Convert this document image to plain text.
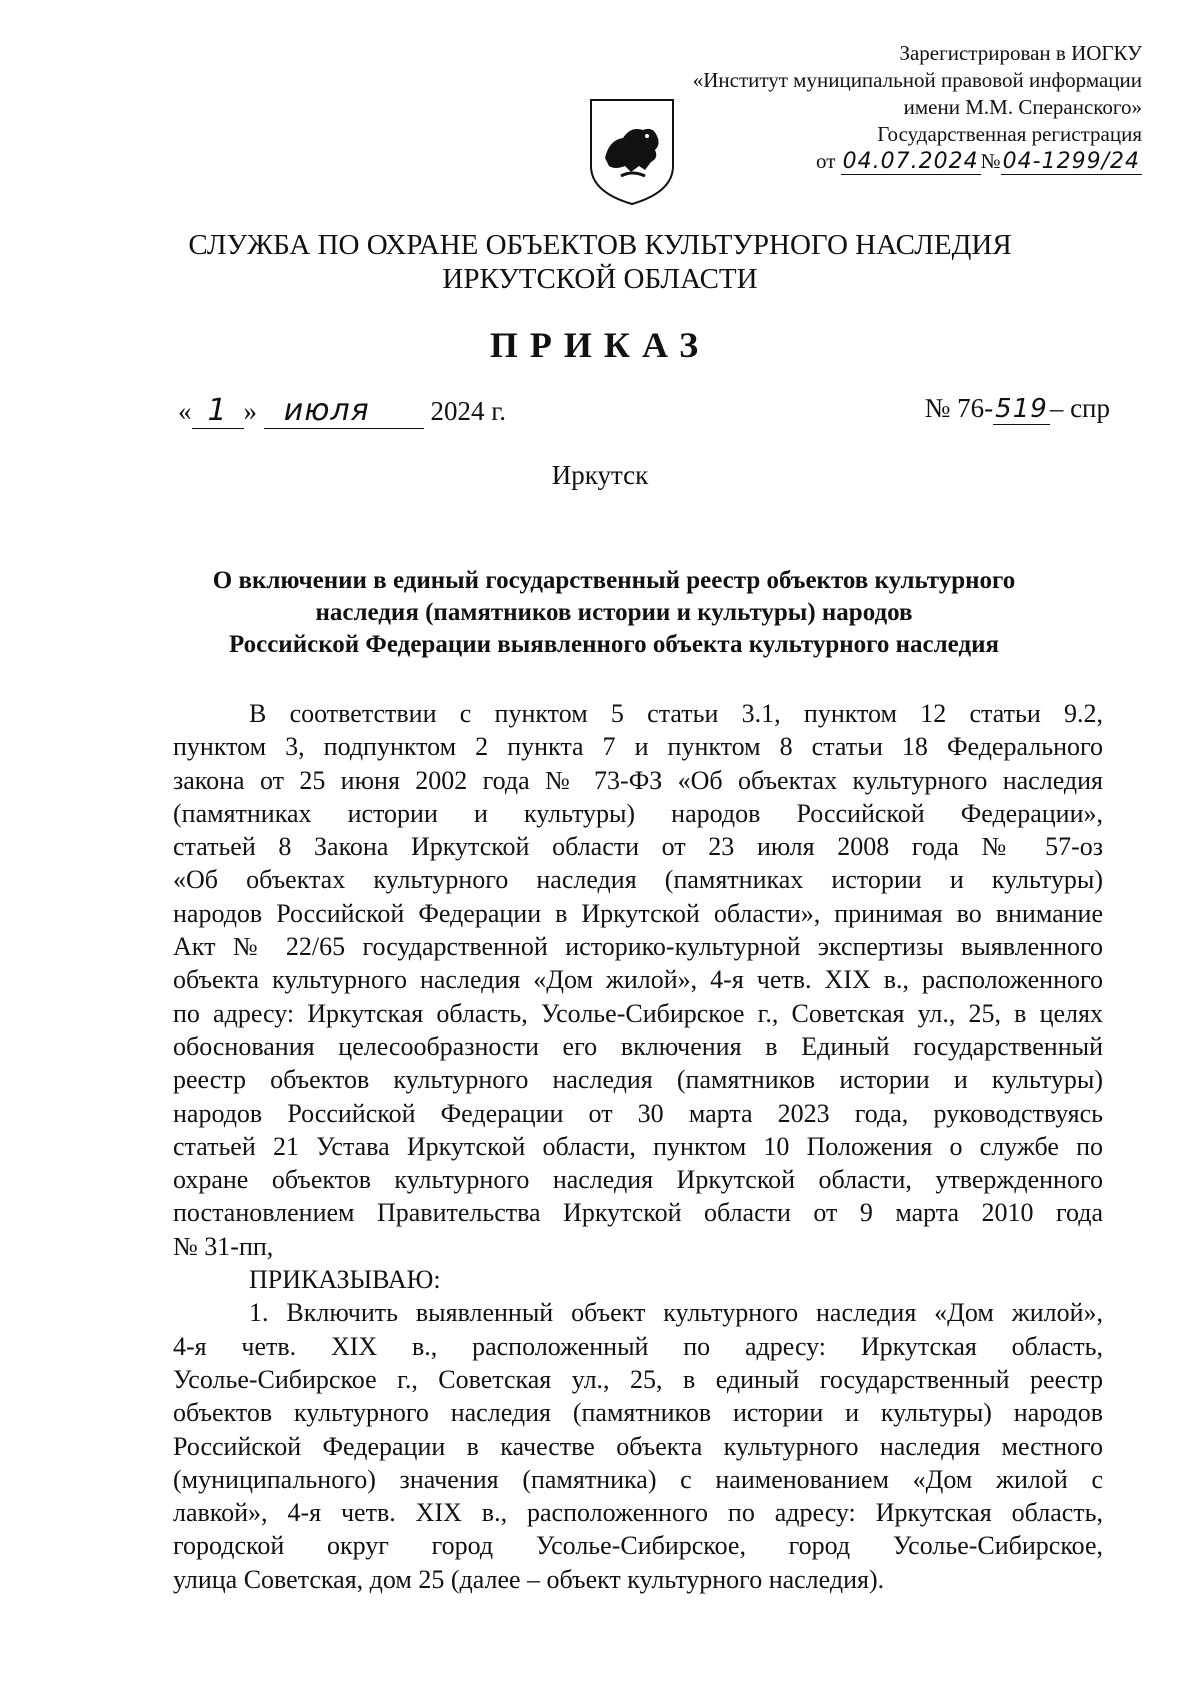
Зарегистрирован в ИОГКУ
«Институт муниципальной правовой информации
имени М.М. Сперанского»
Государственная регистрация
от 04.07.2024№04-1299/24
СЛУЖБА ПО ОХРАНЕ ОБЪЕКТОВ КУЛЬТУРНОГО НАСЛЕДИЯ
ИРКУТСКОЙ ОБЛАСТИ
ПРИКАЗ
« 1 » июля 2024 г.	№ 76-519– спр
Иркутск
О включении в единый государственный реестр объектов культурного
наследия (памятников истории и культуры) народов
Российской Федерации выявленного объекта культурного наследия
В соответствии с пунктом 5 статьи 3.1, пунктом 12 статьи 9.2,
пунктом 3, подпунктом 2 пункта 7 и пунктом 8 статьи 18 Федерального
закона от 25 июня 2002 года № 73-ФЗ «Об объектах культурного наследия
(памятниках истории и культуры) народов Российской Федерации»,
статьей 8 Закона Иркутской области от 23 июля 2008 года № 57-оз
«Об объектах культурного наследия (памятниках истории и культуры)
народов Российской Федерации в Иркутской области», принимая во внимание
Акт № 22/65 государственной историко-культурной экспертизы выявленного
объекта культурного наследия «Дом жилой», 4-я четв. XIX в., расположенного
по адресу: Иркутская область, Усолье-Сибирское г., Советская ул., 25, в целях
обоснования целесообразности его включения в Единый государственный
реестр объектов культурного наследия (памятников истории и культуры)
народов Российской Федерации от 30 марта 2023 года, руководствуясь
статьей 21 Устава Иркутской области, пунктом 10 Положения о службе по
охране объектов культурного наследия Иркутской области, утвержденного
постановлением Правительства Иркутской области от 9 марта 2010 года
№ 31-пп,
ПРИКАЗЫВАЮ:
1. Включить выявленный объект культурного наследия «Дом жилой»,
4-я четв. XIX в., расположенный по адресу: Иркутская область,
Усолье-Сибирское г., Советская ул., 25, в единый государственный реестр
объектов культурного наследия (памятников истории и культуры) народов
Российской Федерации в качестве объекта культурного наследия местного
(муниципального) значения (памятника) с наименованием «Дом жилой с
лавкой», 4-я четв. XIX в., расположенного по адресу: Иркутская область,
городской округ город Усолье-Сибирское, город Усолье-Сибирское,
улица Советская, дом 25 (далее – объект культурного наследия).
